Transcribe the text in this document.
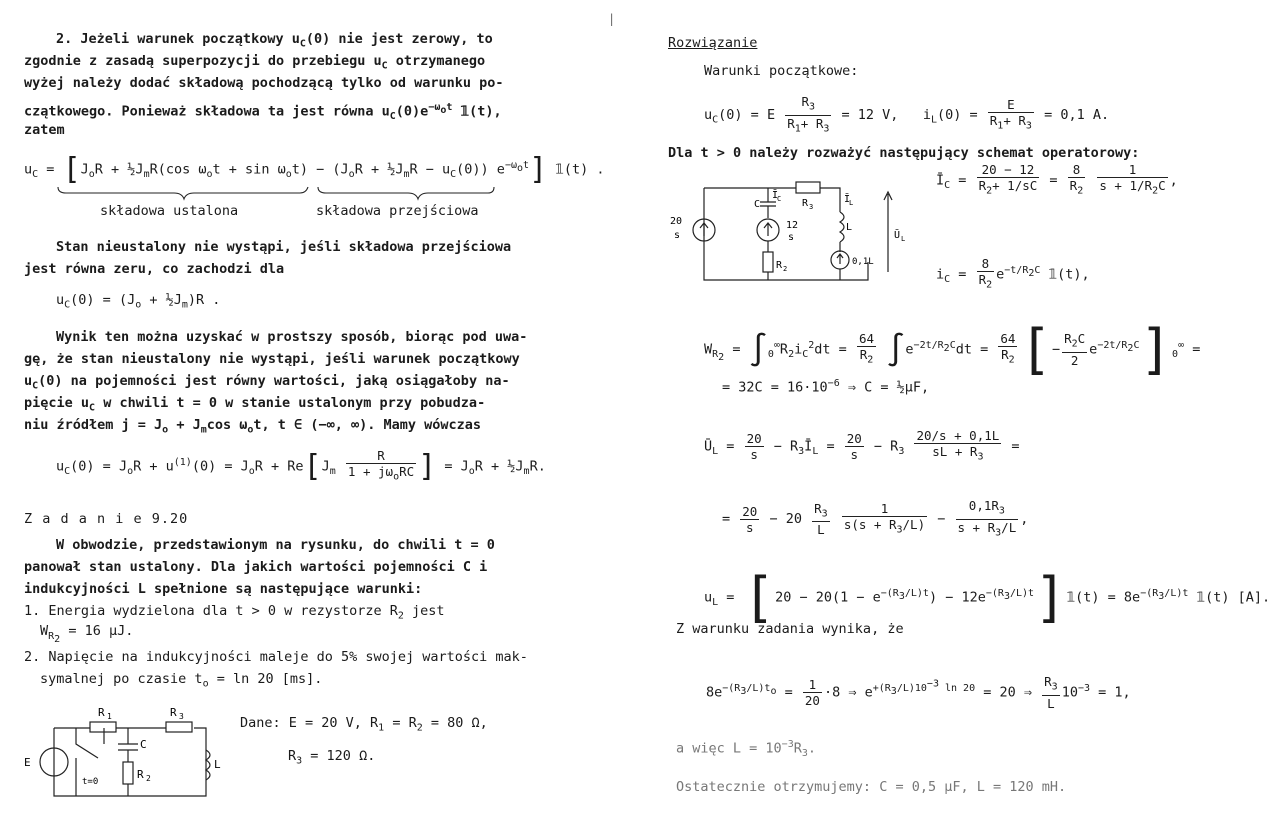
|
2. Jeżeli warunek początkowy $u_C(0)$ nie jest zerowy, to
zgodnie z zasadą superpozycji do przebiegu $u_C$ otrzymanego
wyżej należy dodać składową pochodzącą tylko od warunku po-
czątkowego. Ponieważ składowa ta jest równa $u_C(0)e^{-\omega_ot}$ 𝟙(t),
zatem
$u_C = [J_oR$ + $\frac{1}{2}J_mR(\cos$ $\omega_ot + \sin \omega_ot) - (J_oR$ + $\frac{1}{2}J_mR - u_C(0)$) $e^{-\omega_ot}$] 𝟙(t) .
składowa ustalona	składowa przejściowa
Stan nieustalony nie wystąpi, jeśli składowa przejściowa
jest równa zeru, co zachodzi dla
$u_C(0) = (J_o$ + $\frac{1}{2}J_m)R$ .
Wynik ten można uzyskać w prostszy sposób, biorąc pod uwa-
gę, że stan nieustalony nie wystąpi, jeśli warunek początkowy
$u_C(0)$ na pojemności jest równy wartości, jaką osiągałoby na-
pięcie $u_C$ w chwili t = 0 w stanie ustalonym przy pobudza-
niu źródłem $j = J_o + J_m\cos$ $\omega_ot$, t ∈ (−∞, ∞). Mamy wówczas
$u_C(0) = J_oR + u^{(1)}(0) = J_oR + Re[J_m \frac{R}{1 + j\omega_oRC}$ ] = $J_oR$ + $\frac{1}{2}J_mR$.
Z a d a n i e 9.20
W obwodzie, przedstawionym na rysunku, do chwili t = 0
panował stan ustalony. Dla jakich wartości pojemności C i
indukcyjności L spełnione są następujące warunki:
1. Energia wydzielona dla t > 0 w rezystorze $R_2$ jest
$W_{R_2} = 16$ μJ.
2. Napięcie na indukcyjności maleje do 5% swojej wartości mak-
symalnej po czasie $t_o = \ln 20$ [ms].
R 1	R 3
R 2
C
L
E
t=0
Dane: E = 20 V, $R_1 = R_2 = 80$ Ω,
$R_3 = 120$ Ω.
Rozwiązanie
Warunki początkowe:
$u_C(0) = E \frac{R_3}{R_1+ R_3} = 12$ V, $i_L(0) = \frac{E}{R_1+ R_3} = 0,1$ A.
Dla t > 0 należy rozważyć następujący schemat operatorowy:
20
s
12
s
C
Ī
C R 3
R 2
L
0,1L
Ī
L
Ū L
$Ī_C = \frac{20 - 12}{R_2+ 1/sC} = \frac{8}{R_2}$
$\frac{1}{s + 1/R_2C}$ ,
$i_C = \frac{8}{R_2} e^{-t/R_2C}$ 𝟙(t),
$W_{R_2} = \int_0^\infty R_2i_C^2dt = \frac{64}{R_2} \int e^{-2t/R_2C}dt = \frac{64}{R_2}$ [− $\frac{R_2C}{2} e^{-2t/R_2C}]_0^\infty$ =
= $32C = 16\cdot 10^{-6}$ ⇒ C = ½μF,
$Ū_L = \frac{20}{s}$ − $R_3Ī_L = \frac{20}{s} - R_3 \frac{20/s + 0,1L}{sL + R_3}$ =
= $\frac{20}{s} - 20 \frac{R_3}{L}$
$\frac{1}{s(s + R_3/L)} - \frac{0,1R_3}{s + R_3/L}$ ,
$u_L = [20 - 20(1 - e^{-(R_3/L)t})$ − $12e^{-(R_3/L)t}]𝟙(t) = 8e^{-(R_3/L)t}$ 𝟙(t) [A].
Z warunku zadania wynika, że
$8e^{-(R_3/L)t_o} = \frac{1}{20} \cdot 8$ ⇒ $e^{+(R_3/L)10^{-3} ln 20} = 20$ ⇒ $\frac{R_3}{L} 10^{-3} = 1$,
a więc $L = 10^{-3}R_3$.
Ostatecznie otrzymujemy: C = 0,5 μF, L = 120 mH.
